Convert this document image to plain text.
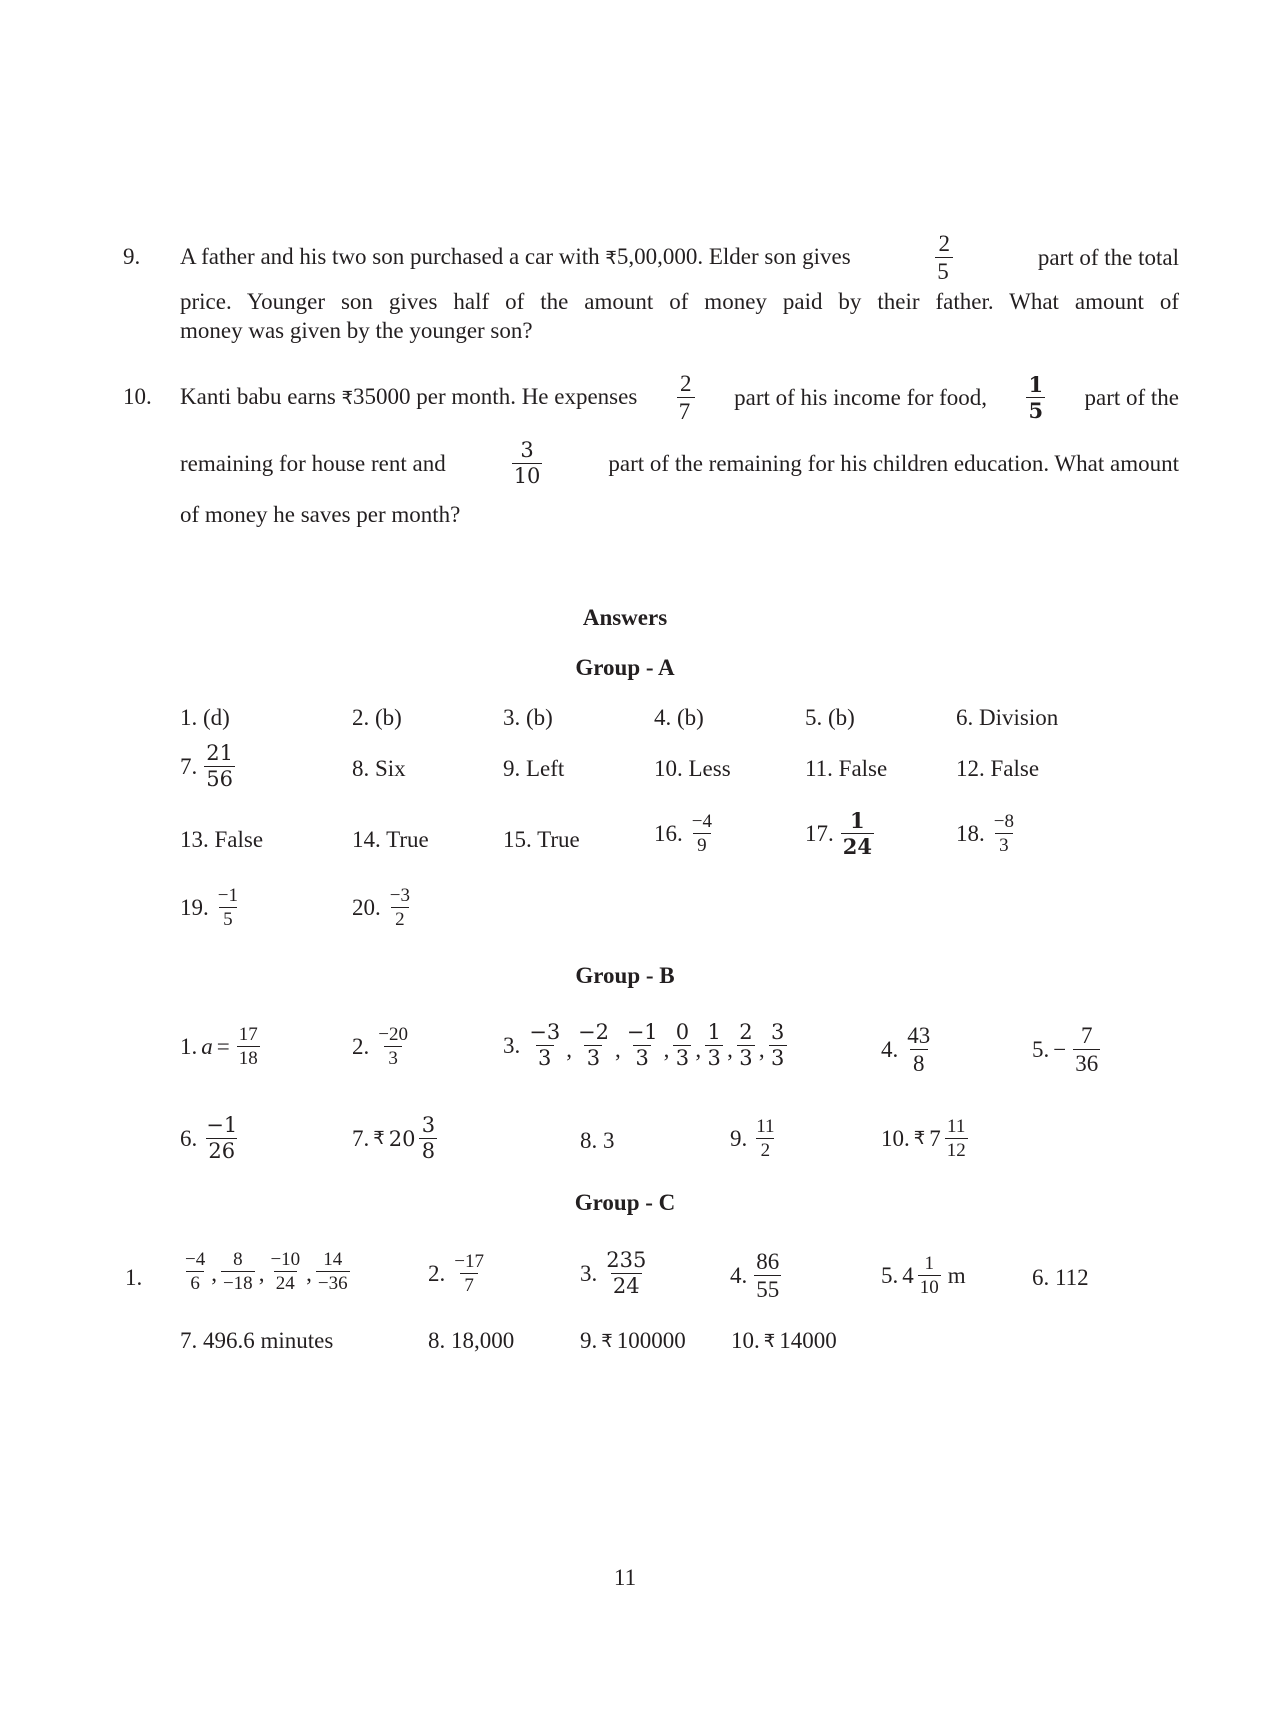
9. A father and his two son purchased a car with ₹5,00,000. Elder son gives	$\frac{2}{5}$	part of the total
price. Younger son gives half of the amount of money paid by their father. What amount of
money was given by the younger son?
10. Kanti babu earns ₹35000 per month. He expenses $\frac{2}{7}$ part of his income for food, $\frac{1}{5}$ part of the
remaining for house rent and	$\frac{3}{10}$	part of the remaining for his children education. What amount
of money he saves per month?
Answers
Group - A
1. (d)	2. (b)	3. (b)	4. (b)	5. (b)	6. Division
7. $\frac{21}{56}$	8. Six	9. Left	10. Less	11. False	12. False
13. False	14. True	15. True	16. $\frac{-4}{9}$	17. $\frac{1}{24}$	18. $\frac{-8}{3}$
19. $\frac{-1}{5}$	20. $\frac{-3}{2}$
Group - B
1. $a = \frac{17}{18}$	2. $\frac{-20}{3}$	3. $\frac{-3}{3}$ , $\frac{-2}{3}$ , $\frac{-1}{3}$ , $\frac{0}{3}$ , $\frac{1}{3}$ , $\frac{2}{3}$ , $\frac{3}{3}$	4. $\frac{43}{8}$	5. − $\frac{7}{36}$
6. $\frac{-1}{26}$	7. ₹ $20 \frac{3}{8}$	8. 3	9. $\frac{11}{2}$	10. ₹ $7 \frac{11}{12}$
Group - C
1. $\frac{-4}{6}$ , $\frac{8}{-18}$ , $\frac{-10}{24}$ , $\frac{14}{-36}$	2. $\frac{-17}{7}$	3. $\frac{235}{24}$	4. $\frac{86}{55}$	5. $4 \frac{1}{10}$ m	6. 112
7. 496.6 minutes	8. 18,000	9. ₹ 100000 10. ₹ 14000
11
